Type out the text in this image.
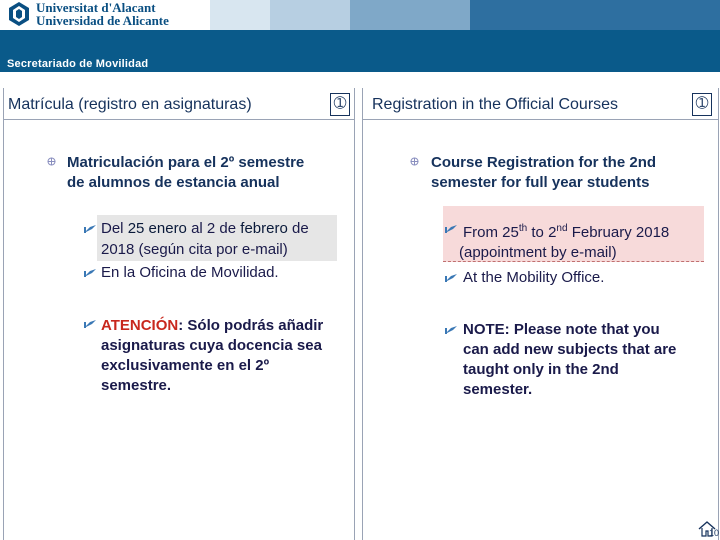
Universitat d'Alacant
Universidad de Alicante
Secretariado de Movilidad
Matrícula (registro en asignaturas)	➀ Registration in the Official Courses	➀
Matriculación para el 2º semestre
de alumnos de estancia anual
Del 25 enero al 2 de febrero de
2018 (según cita por e-mail)
En la Oficina de Movilidad.
ATENCIÓN: Sólo podrás añadir
asignaturas cuya docencia sea
exclusivamente en el 2º
semestre.
Course Registration for the 2nd
semester for full year students
From 25th to 2nd February 2018
(appointment by e-mail)
At the Mobility Office.
NOTE: Please note that you
can add new subjects that are
taught only in the 2nd
semester.
10
